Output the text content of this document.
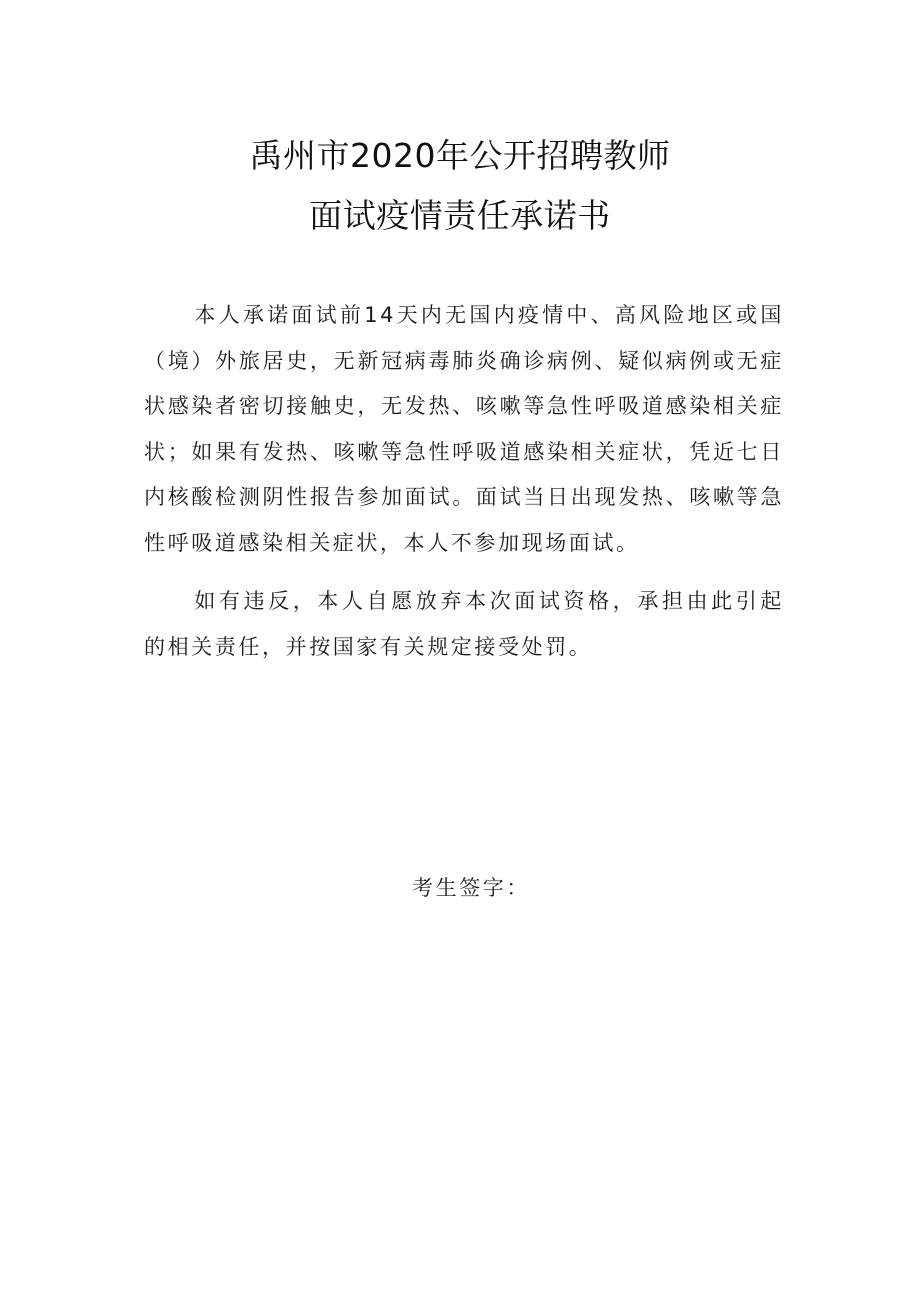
禹州市2020年公开招聘教师
面试疫情责任承诺书

本人承诺面试前14天内无国内疫情中、高风险地区或国（境）外旅居史，无新冠病毒肺炎确诊病例、疑似病例或无症状感染者密切接触史，无发热、咳嗽等急性呼吸道感染相关症状；如果有发热、咳嗽等急性呼吸道感染相关症状，凭近七日内核酸检测阴性报告参加面试。面试当日出现发热、咳嗽等急性呼吸道感染相关症状，本人不参加现场面试。

如有违反，本人自愿放弃本次面试资格，承担由此引起的相关责任，并按国家有关规定接受处罚。

考生签字：
